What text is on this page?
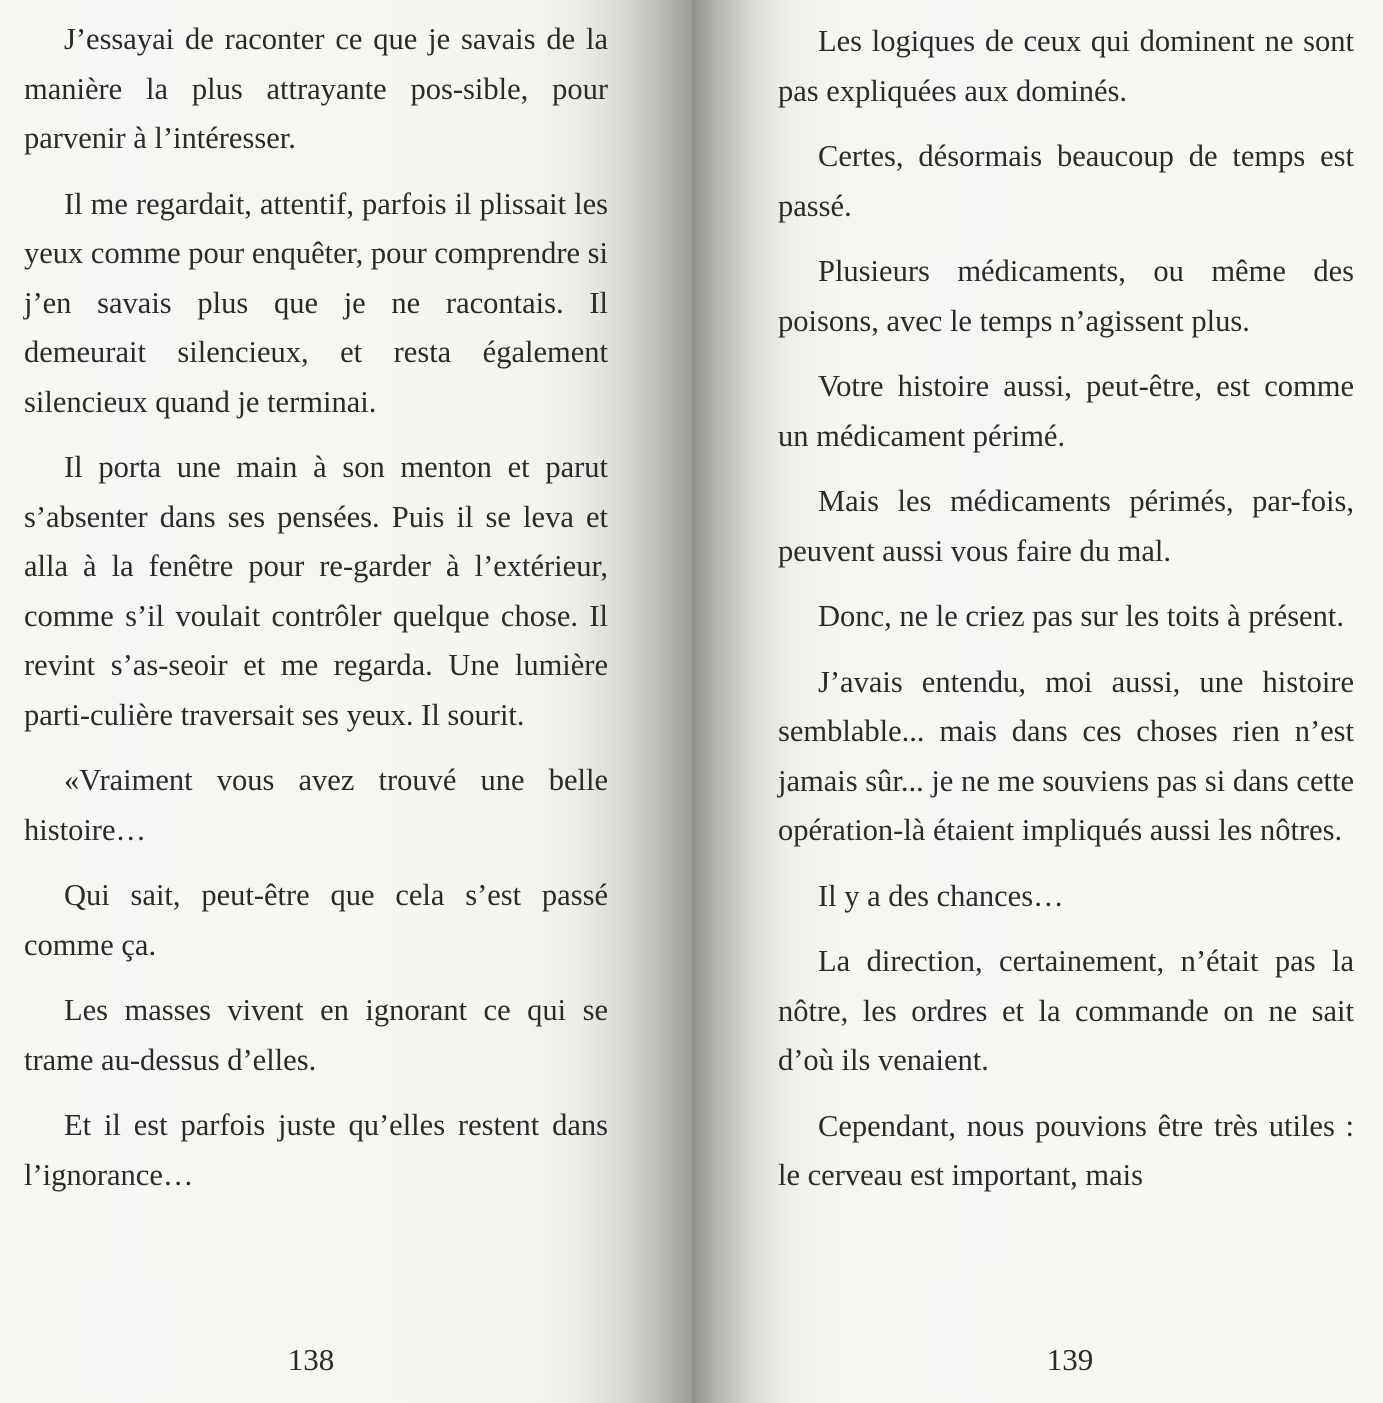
J’essayai de raconter ce que je savais de la manière la plus attrayante pos-sible, pour parvenir à l’intéresser.

Il me regardait, attentif, parfois il plissait les yeux comme pour enquêter, pour comprendre si j’en savais plus que je ne racontais. Il demeurait silencieux, et resta également silencieux quand je terminai.

Il porta une main à son menton et parut s’absenter dans ses pensées. Puis il se leva et alla à la fenêtre pour re-garder à l’extérieur, comme s’il voulait contrôler quelque chose. Il revint s’as-seoir et me regarda. Une lumière parti-culière traversait ses yeux. Il sourit.

«Vraiment vous avez trouvé une belle histoire…

Qui sait, peut-être que cela s’est passé comme ça.

Les masses vivent en ignorant ce qui se trame au-dessus d’elles.

Et il est parfois juste qu’elles restent dans l’ignorance…

138

Les logiques de ceux qui dominent ne sont pas expliquées aux dominés.

Certes, désormais beaucoup de temps est passé.

Plusieurs médicaments, ou même des poisons, avec le temps n’agissent plus.

Votre histoire aussi, peut-être, est comme un médicament périmé.

Mais les médicaments périmés, par-fois, peuvent aussi vous faire du mal.

Donc, ne le criez pas sur les toits à présent.

J’avais entendu, moi aussi, une histoire semblable... mais dans ces choses rien n’est jamais sûr... je ne me souviens pas si dans cette opération-là étaient impliqués aussi les nôtres.

Il y a des chances…

La direction, certainement, n’était pas la nôtre, les ordres et la commande on ne sait d’où ils venaient.

Cependant, nous pouvions être très utiles : le cerveau est important, mais

139
